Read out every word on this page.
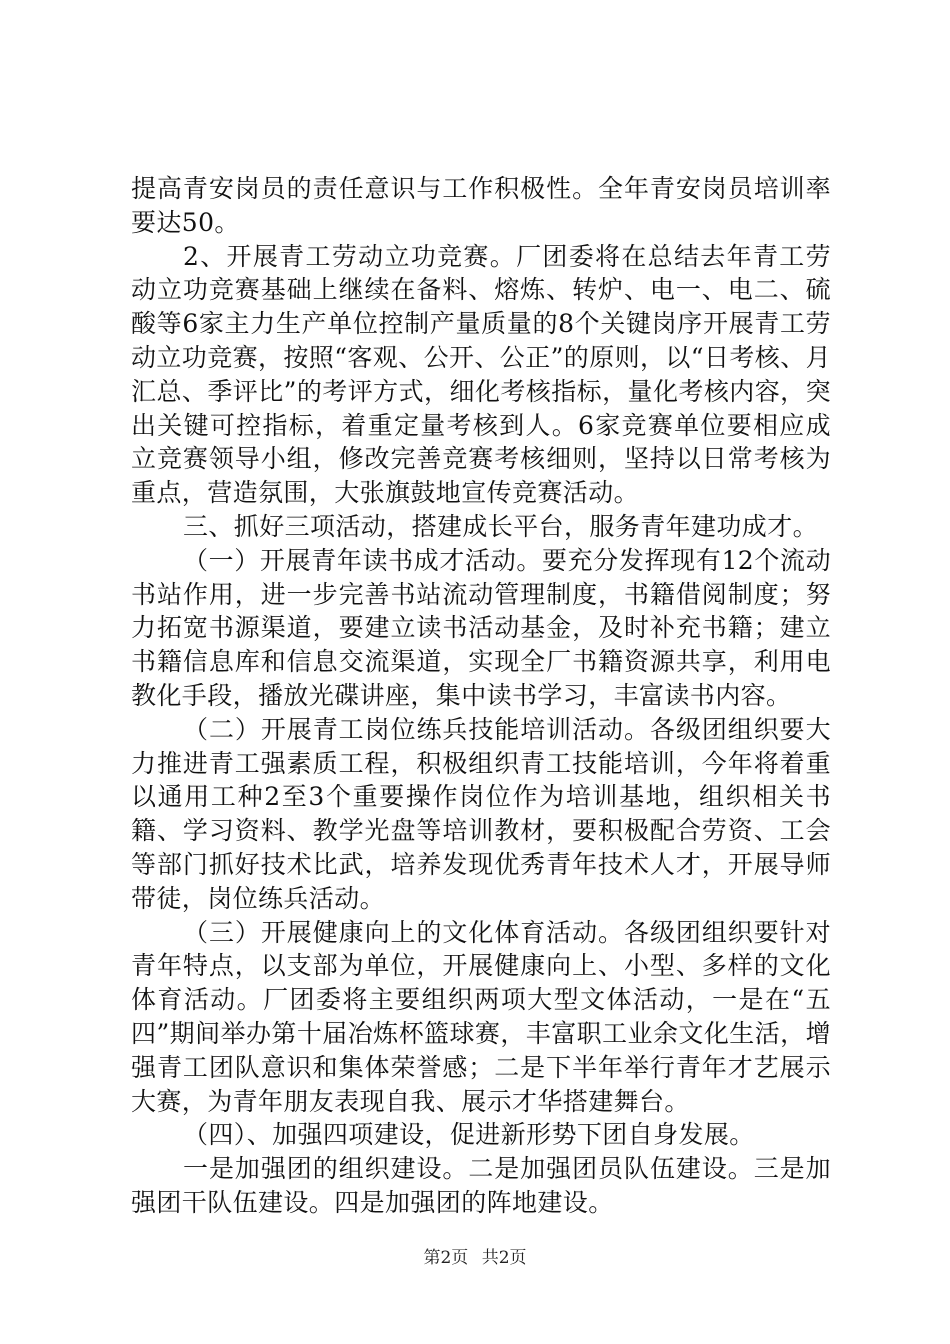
提高青安岗员的责任意识与工作积极性。全年青安岗员培训率要达50。

2、开展青工劳动立功竞赛。厂团委将在总结去年青工劳动立功竞赛基础上继续在备料、熔炼、转炉、电一、电二、硫酸等6家主力生产单位控制产量质量的8个关键岗序开展青工劳动立功竞赛，按照“客观、公开、公正”的原则，以“日考核、月汇总、季评比”的考评方式，细化考核指标，量化考核内容，突出关键可控指标，着重定量考核到人。6家竞赛单位要相应成立竞赛领导小组，修改完善竞赛考核细则，坚持以日常考核为重点，营造氛围，大张旗鼓地宣传竞赛活动。

三、抓好三项活动，搭建成长平台，服务青年建功成才。

（一）开展青年读书成才活动。要充分发挥现有12个流动书站作用，进一步完善书站流动管理制度，书籍借阅制度；努力拓宽书源渠道，要建立读书活动基金，及时补充书籍；建立书籍信息库和信息交流渠道，实现全厂书籍资源共享，利用电教化手段，播放光碟讲座，集中读书学习，丰富读书内容。

（二）开展青工岗位练兵技能培训活动。各级团组织要大力推进青工强素质工程，积极组织青工技能培训，今年将着重以通用工种2至3个重要操作岗位作为培训基地，组织相关书籍、学习资料、教学光盘等培训教材，要积极配合劳资、工会等部门抓好技术比武，培养发现优秀青年技术人才，开展导师带徒，岗位练兵活动。

（三）开展健康向上的文化体育活动。各级团组织要针对青年特点，以支部为单位，开展健康向上、小型、多样的文化体育活动。厂团委将主要组织两项大型文体活动，一是在“五四”期间举办第十届冶炼杯篮球赛，丰富职工业余文化生活，增强青工团队意识和集体荣誉感；二是下半年举行青年才艺展示大赛，为青年朋友表现自我、展示才华搭建舞台。

（四）、加强四项建设，促进新形势下团自身发展。

一是加强团的组织建设。二是加强团员队伍建设。三是加强团干队伍建设。四是加强团的阵地建设。

第2页 共2页
